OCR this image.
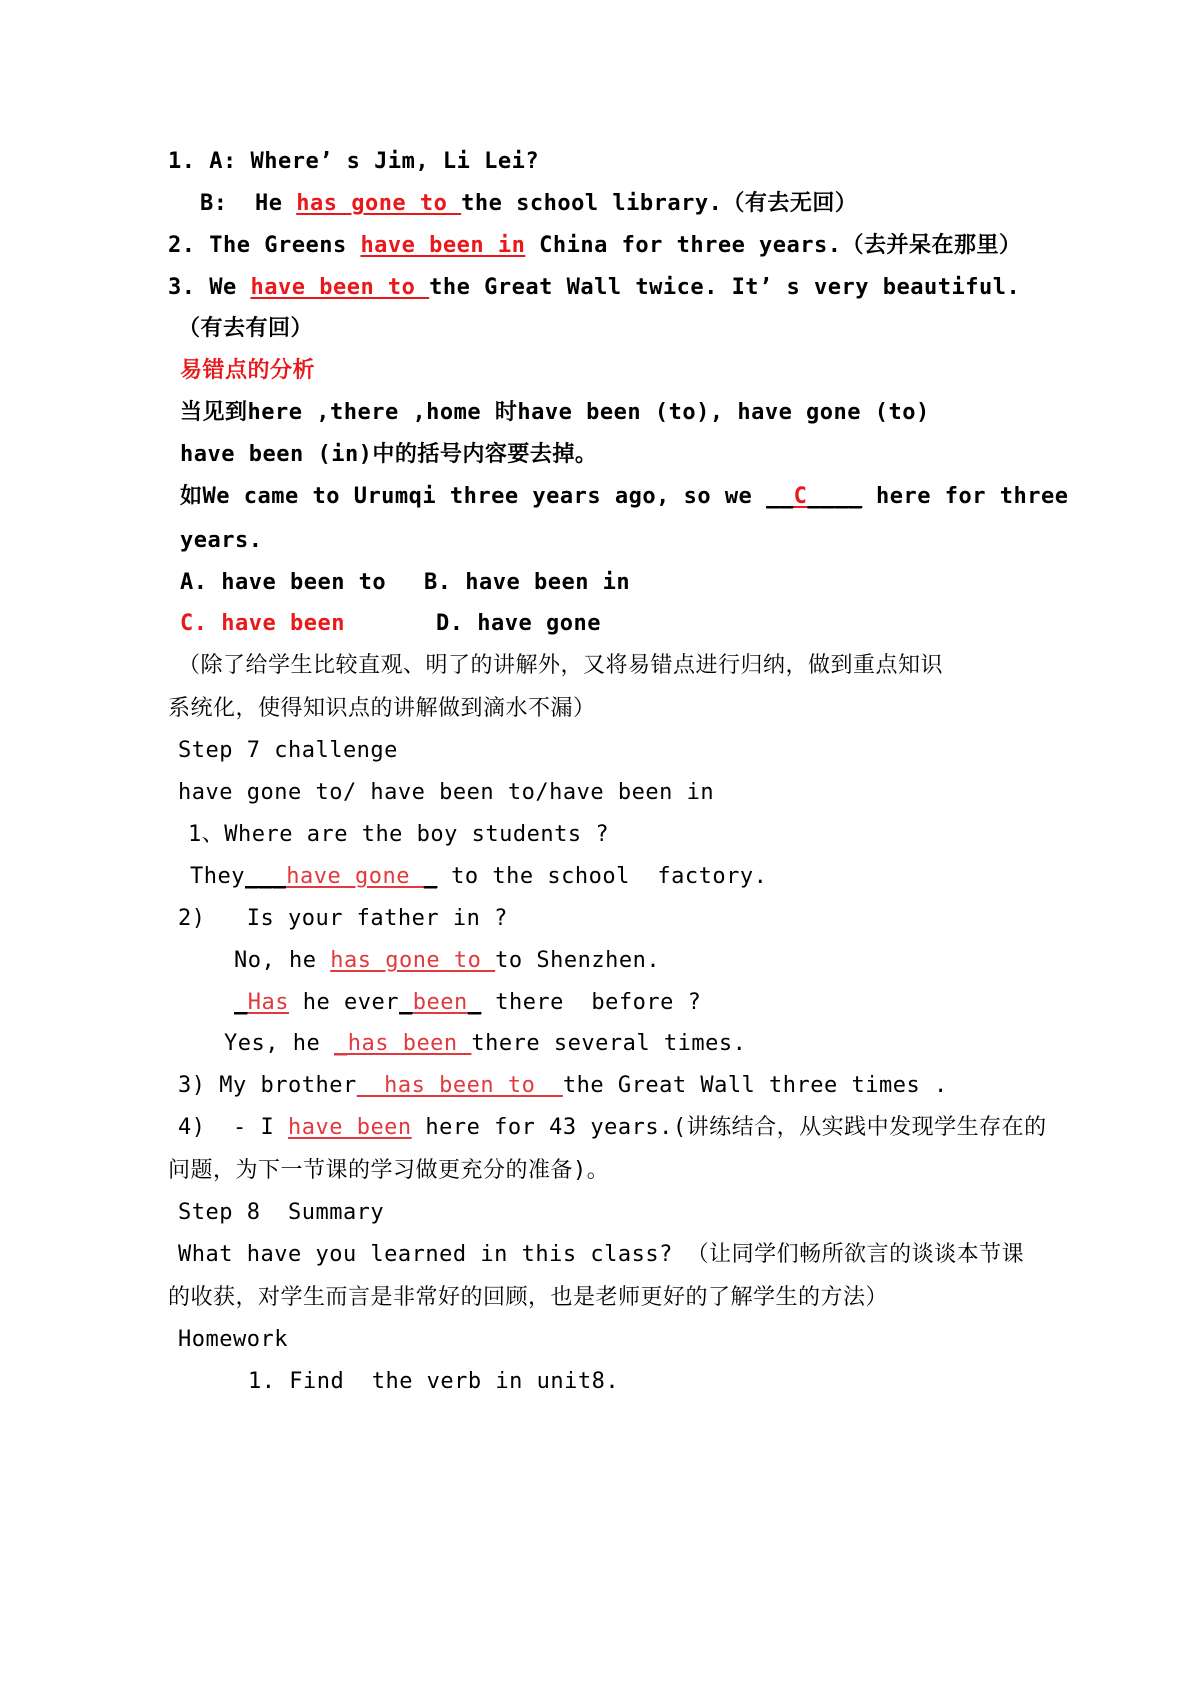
1. A: Where’ s Jim, Li Lei?
B:  He has gone to the school library.（有去无回）
2. The Greens have been in China for three years.（去并呆在那里）
3. We have been to the Great Wall twice. It’ s very beautiful.
（有去有回）
易错点的分析
当见到here ,there ,home 时have been (to), have gone (to)
have been (in)中的括号内容要去掉。
如We came to Urumqi three years ago, so we __C____ here for three
years.
A. have been to B. have been in
C. have been	D. have gone
（除了给学生比较直观、明了的讲解外，又将易错点进行归纳，做到重点知识
系统化，使得知识点的讲解做到滴水不漏）
Step 7 challenge
have gone to/ have been to/have been in
1、Where are the boy students ?
They___have gone _ to the school  factory.
2)   Is your father in ?
No, he has gone to to Shenzhen.
_Has he ever_been_ there  before ?
Yes, he _has been there several times.
3) My brother  has been to  the Great Wall three times .
4)  - I have been here for 43 years.(讲练结合，从实践中发现学生存在的
问题，为下一节课的学习做更充分的准备)。
Step 8  Summary
What have you learned in this class? （让同学们畅所欲言的谈谈本节课
的收获，对学生而言是非常好的回顾，也是老师更好的了解学生的方法）
Homework
1. Find  the verb in unit8.
